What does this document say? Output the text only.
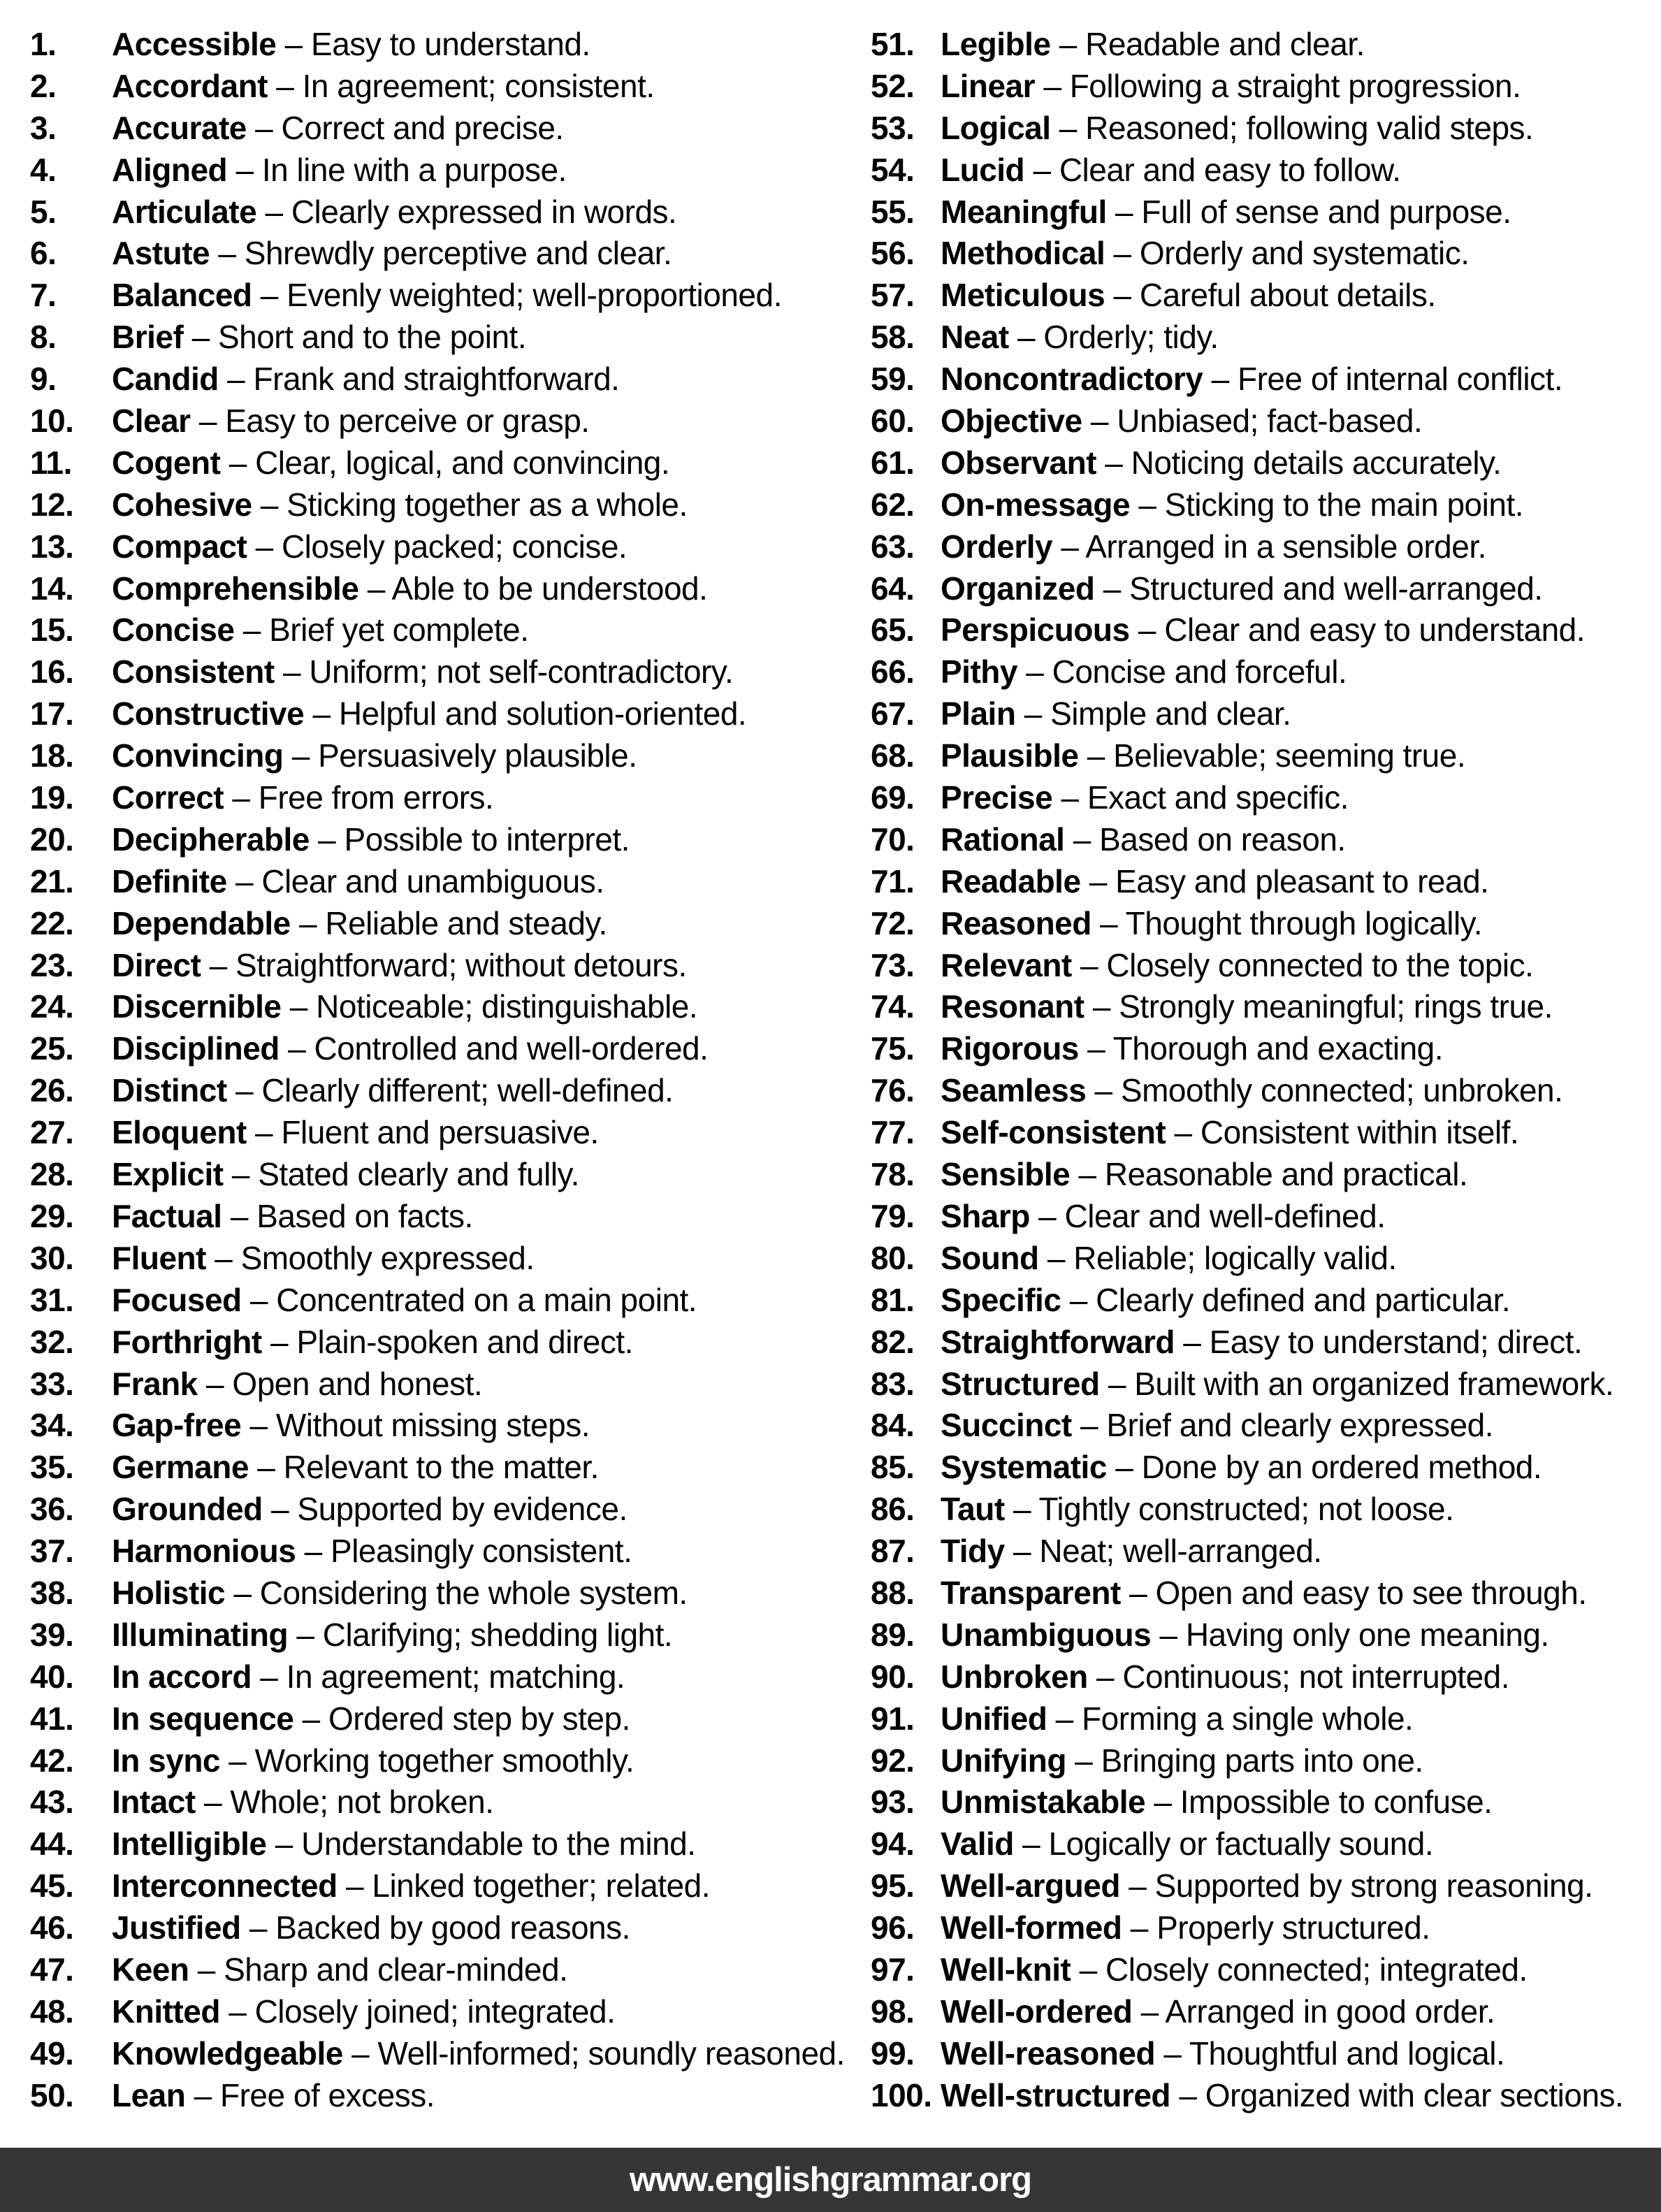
1.	Accessible – Easy to understand.
2.	Accordant – In agreement; consistent.
3.	Accurate – Correct and precise.
4.	Aligned – In line with a purpose.
5.	Articulate – Clearly expressed in words.
6.	Astute – Shrewdly perceptive and clear.
7.	Balanced – Evenly weighted; well-proportioned.
8.	Brief – Short and to the point.
9.	Candid – Frank and straightforward.
10.	Clear – Easy to perceive or grasp.
11.	Cogent – Clear, logical, and convincing.
12.	Cohesive – Sticking together as a whole.
13.	Compact – Closely packed; concise.
14.	Comprehensible – Able to be understood.
15.	Concise – Brief yet complete.
16.	Consistent – Uniform; not self-contradictory.
17.	Constructive – Helpful and solution-oriented.
18.	Convincing – Persuasively plausible.
19.	Correct – Free from errors.
20.	Decipherable – Possible to interpret.
21.	Definite – Clear and unambiguous.
22.	Dependable – Reliable and steady.
23.	Direct – Straightforward; without detours.
24.	Discernible – Noticeable; distinguishable.
25.	Disciplined – Controlled and well-ordered.
26.	Distinct – Clearly different; well-defined.
27.	Eloquent – Fluent and persuasive.
28.	Explicit – Stated clearly and fully.
29.	Factual – Based on facts.
30.	Fluent – Smoothly expressed.
31.	Focused – Concentrated on a main point.
32.	Forthright – Plain-spoken and direct.
33.	Frank – Open and honest.
34.	Gap-free – Without missing steps.
35.	Germane – Relevant to the matter.
36.	Grounded – Supported by evidence.
37.	Harmonious – Pleasingly consistent.
38.	Holistic – Considering the whole system.
39.	Illuminating – Clarifying; shedding light.
40.	In accord – In agreement; matching.
41.	In sequence – Ordered step by step.
42.	In sync – Working together smoothly.
43.	Intact – Whole; not broken.
44.	Intelligible – Understandable to the mind.
45.	Interconnected – Linked together; related.
46.	Justified – Backed by good reasons.
47.	Keen – Sharp and clear-minded.
48.	Knitted – Closely joined; integrated.
49.	Knowledgeable – Well-informed; soundly reasoned.
50.	Lean – Free of excess.
51. Legible – Readable and clear.
52. Linear – Following a straight progression.
53. Logical – Reasoned; following valid steps.
54. Lucid – Clear and easy to follow.
55. Meaningful – Full of sense and purpose.
56. Methodical – Orderly and systematic.
57. Meticulous – Careful about details.
58. Neat – Orderly; tidy.
59. Noncontradictory – Free of internal conflict.
60. Objective – Unbiased; fact-based.
61. Observant – Noticing details accurately.
62. On-message – Sticking to the main point.
63. Orderly – Arranged in a sensible order.
64. Organized – Structured and well-arranged.
65. Perspicuous – Clear and easy to understand.
66. Pithy – Concise and forceful.
67. Plain – Simple and clear.
68. Plausible – Believable; seeming true.
69. Precise – Exact and specific.
70. Rational – Based on reason.
71. Readable – Easy and pleasant to read.
72. Reasoned – Thought through logically.
73. Relevant – Closely connected to the topic.
74. Resonant – Strongly meaningful; rings true.
75. Rigorous – Thorough and exacting.
76. Seamless – Smoothly connected; unbroken.
77. Self-consistent – Consistent within itself.
78. Sensible – Reasonable and practical.
79. Sharp – Clear and well-defined.
80. Sound – Reliable; logically valid.
81. Specific – Clearly defined and particular.
82. Straightforward – Easy to understand; direct.
83. Structured – Built with an organized framework.
84. Succinct – Brief and clearly expressed.
85. Systematic – Done by an ordered method.
86. Taut – Tightly constructed; not loose.
87. Tidy – Neat; well-arranged.
88. Transparent – Open and easy to see through.
89. Unambiguous – Having only one meaning.
90. Unbroken – Continuous; not interrupted.
91. Unified – Forming a single whole.
92. Unifying – Bringing parts into one.
93. Unmistakable – Impossible to confuse.
94. Valid – Logically or factually sound.
95. Well-argued – Supported by strong reasoning.
96. Well-formed – Properly structured.
97. Well-knit – Closely connected; integrated.
98. Well-ordered – Arranged in good order.
99. Well-reasoned – Thoughtful and logical.
100. Well-structured – Organized with clear sections.
www.englishgrammar.org
